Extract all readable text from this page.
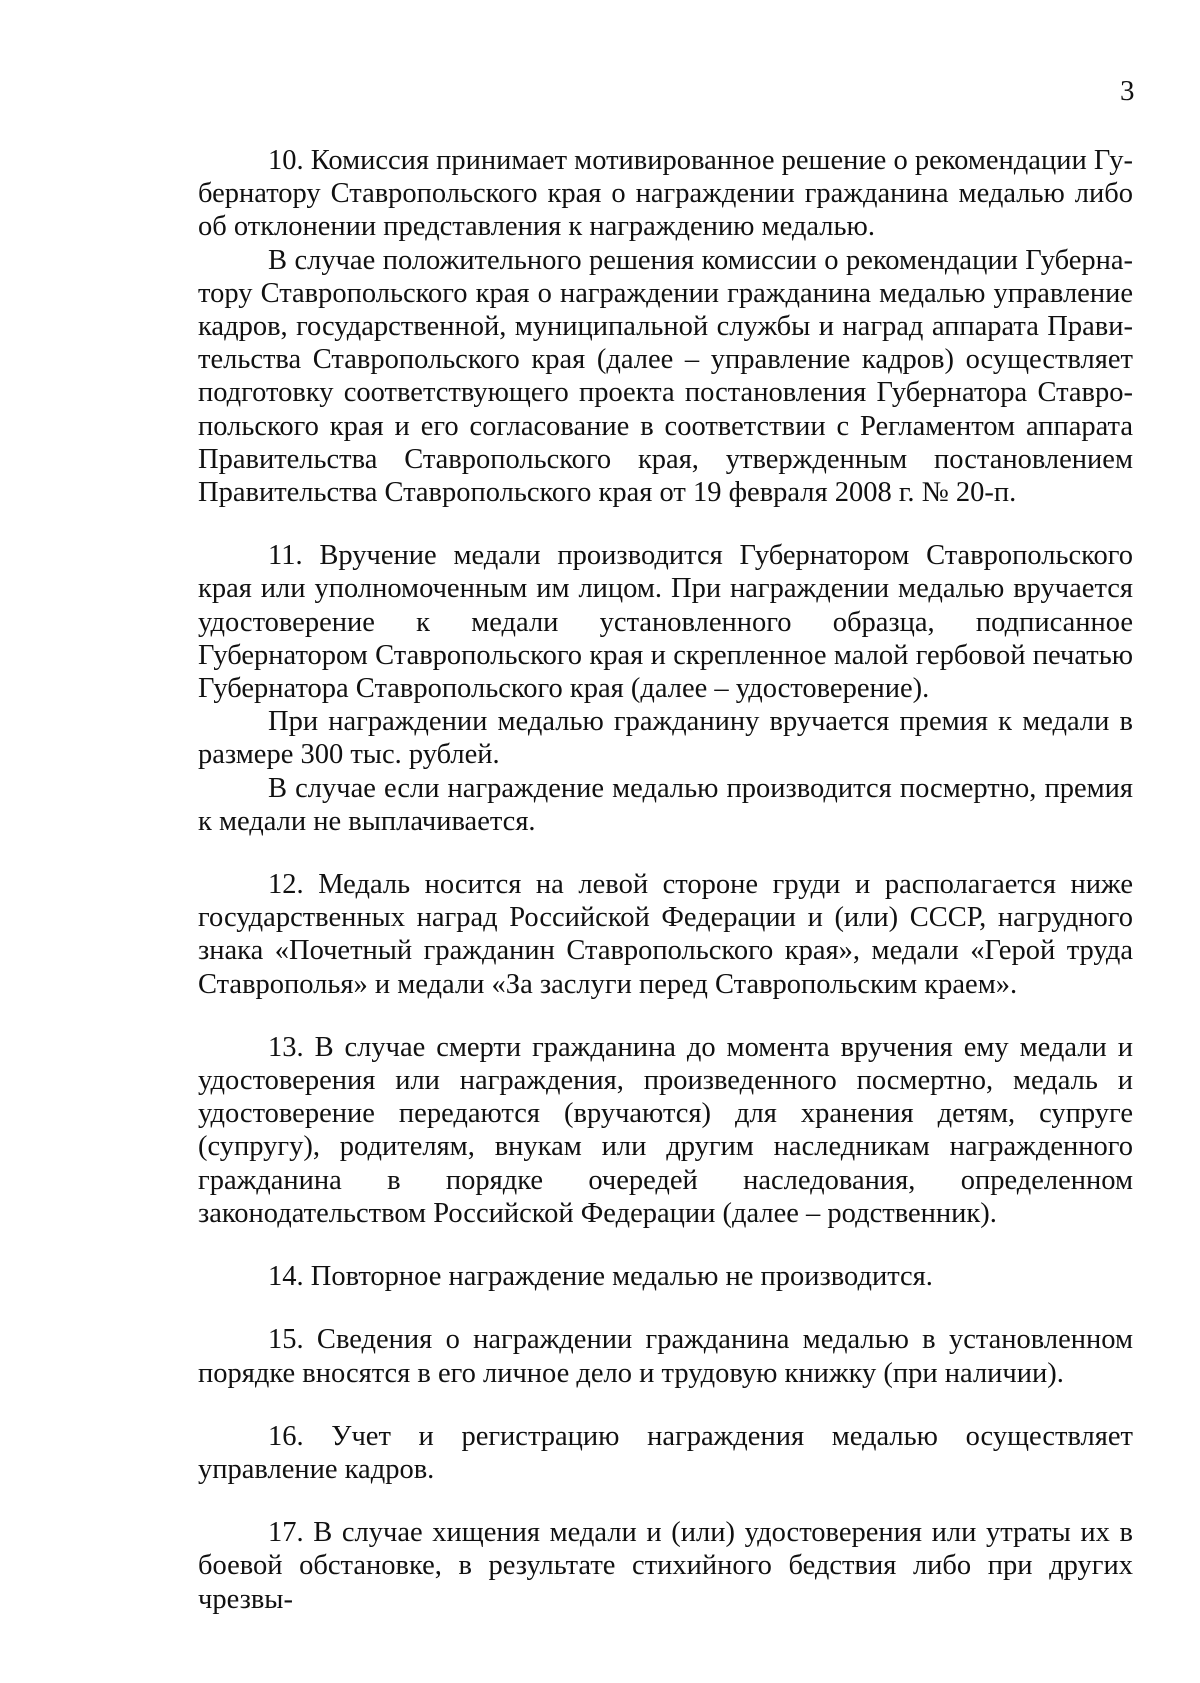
3

10. Комиссия принимает мотивированное решение о рекомендации Губернатору Ставропольского края о награждении гражданина медалью либо об отклонении представления к награждению медалью.

В случае положительного решения комиссии о рекомендации Губернатору Ставропольского края о награждении гражданина медалью управление кадров, государственной, муниципальной службы и наград аппарата Правительства Ставропольского края (далее – управление кадров) осуществляет подготовку соответствующего проекта постановления Губернатора Ставропольского края и его согласование в соответствии с Регламентом аппарата Правительства Ставропольского края, утвержденным постановлением Правительства Ставропольского края от 19 февраля 2008 г. № 20-п.

11. Вручение медали производится Губернатором Ставропольского края или уполномоченным им лицом. При награждении медалью вручается удостоверение к медали установленного образца, подписанное Губернатором Ставропольского края и скрепленное малой гербовой печатью Губернатора Ставропольского края (далее – удостоверение).

При награждении медалью гражданину вручается премия к медали в размере 300 тыс. рублей.

В случае если награждение медалью производится посмертно, премия к медали не выплачивается.

12. Медаль носится на левой стороне груди и располагается ниже государственных наград Российской Федерации и (или) СССР, нагрудного знака «Почетный гражданин Ставропольского края», медали «Герой труда Ставрополья» и медали «За заслуги перед Ставропольским краем».

13. В случае смерти гражданина до момента вручения ему медали и удостоверения или награждения, произведенного посмертно, медаль и удостоверение передаются (вручаются) для хранения детям, супруге (супругу), родителям, внукам или другим наследникам награжденного гражданина в порядке очередей наследования, определенном законодательством Российской Федерации (далее – родственник).

14. Повторное награждение медалью не производится.

15. Сведения о награждении гражданина медалью в установленном порядке вносятся в его личное дело и трудовую книжку (при наличии).

16. Учет и регистрацию награждения медалью осуществляет управление кадров.

17. В случае хищения медали и (или) удостоверения или утраты их в боевой обстановке, в результате стихийного бедствия либо при других чрезвы-
